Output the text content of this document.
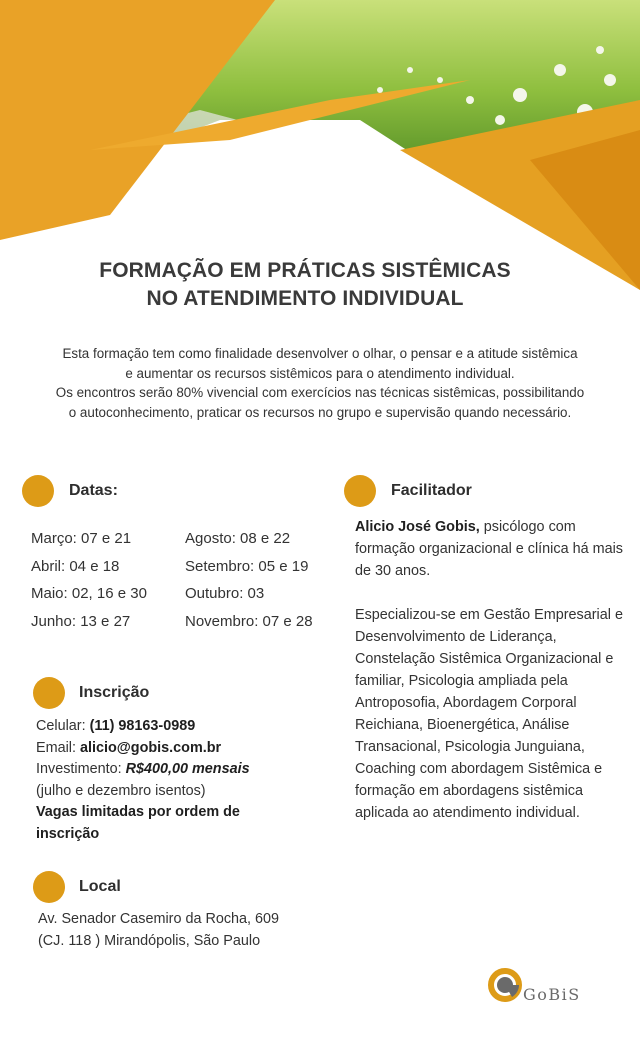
FORMAÇÃO EM PRÁTICAS SISTÊMICAS
NO ATENDIMENTO INDIVIDUAL
Esta formação tem como finalidade desenvolver o olhar, o pensar e a atitude sistêmica
e aumentar os recursos sistêmicos para o atendimento individual.
Os encontros serão 80% vivencial com exercícios nas técnicas sistêmicas, possibilitando
o autoconhecimento, praticar os recursos no grupo e supervisão quando necessário.
Datas:
Março: 07 e 21
Abril: 04 e 18
Maio: 02, 16 e 30
Junho: 13 e 27
Agosto: 08 e 22
Setembro: 05 e 19
Outubro: 03
Novembro: 07 e 28
Inscrição
Celular: (11) 98163-0989
Email: alicio@gobis.com.br
Investimento: R$400,00 mensais
(julho e dezembro isentos)
Vagas limitadas por ordem de inscrição
Local
Av. Senador Casemiro da Rocha, 609
(CJ. 118 ) Mirandópolis, São Paulo
Facilitador
Alicio José Gobis, psicólogo com formação organizacional e clínica há mais de 30 anos.
Especializou-se em Gestão Empresarial e Desenvolvimento de Liderança, Constelação Sistêmica Organizacional e familiar, Psicologia ampliada pela Antroposofia, Abordagem Corporal Reichiana, Bioenergética, Análise Transacional, Psicologia Junguiana, Coaching com abordagem Sistêmica e formação em abordagens sistêmica aplicada ao atendimento individual.
GoBiS
